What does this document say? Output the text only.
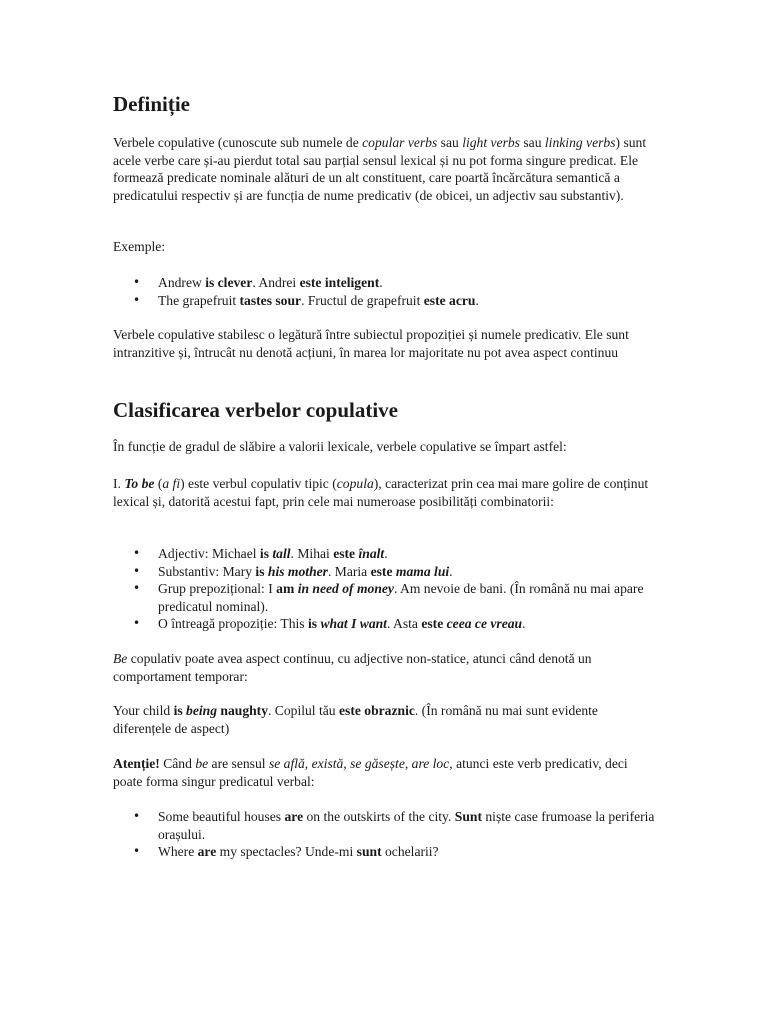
Definiție

Verbele copulative (cunoscute sub numele de copular verbs sau light verbs sau linking verbs) sunt acele verbe care și-au pierdut total sau parțial sensul lexical și nu pot forma singure predicat. Ele formează predicate nominale alături de un alt constituent, care poartă încărcătura semantică a predicatului respectiv și are funcția de nume predicativ (de obicei, un adjectiv sau substantiv).

Exemple:

• Andrew is clever. Andrei este inteligent.
• The grapefruit tastes sour. Fructul de grapefruit este acru.

Verbele copulative stabilesc o legătură între subiectul propoziției și numele predicativ. Ele sunt intranzitive și, întrucât nu denotă acțiuni, în marea lor majoritate nu pot avea aspect continuu

Clasificarea verbelor copulative

În funcție de gradul de slăbire a valorii lexicale, verbele copulative se împart astfel:

I. To be (a fi) este verbul copulativ tipic (copula), caracterizat prin cea mai mare golire de conținut lexical și, datorită acestui fapt, prin cele mai numeroase posibilități combinatorii:

• Adjectiv: Michael is tall. Mihai este înalt.
• Substantiv: Mary is his mother. Maria este mama lui.
• Grup prepozițional: I am in need of money. Am nevoie de bani. (În română nu mai apare predicatul nominal).
• O întreagă propoziție: This is what I want. Asta este ceea ce vreau.

Be copulativ poate avea aspect continuu, cu adjective non-statice, atunci când denotă un comportament temporar:

Your child is being naughty. Copilul tău este obraznic. (În română nu mai sunt evidente diferențele de aspect)

Atenție! Când be are sensul se află, există, se găsește, are loc, atunci este verb predicativ, deci poate forma singur predicatul verbal:

• Some beautiful houses are on the outskirts of the city. Sunt niște case frumoase la periferia orașului.
• Where are my spectacles? Unde-mi sunt ochelarii?
